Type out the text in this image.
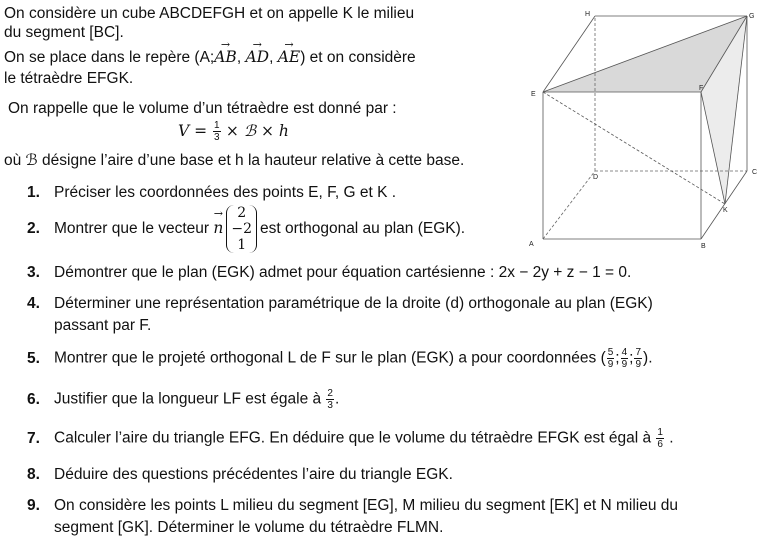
On considère un cube ABCDEFGH et on appelle K le milieu
du segment [BC].
On se place dans le repère (A;→ AB, → AD, → AE) et on considère
le tétraèdre EFGK.
On rappelle que le volume d’un tétraèdre est donné par :
$V = \frac{1}{3}$ × ℬ × h
où ℬ désigne l’aire d’une base et h la hauteur relative à cette base.
A	B
C
D
E
F
G
H
K
1. Préciser les coordonnées des points E, F, G et K .
2. Montrer que le vecteur → n
2
−2
1
est orthogonal au plan (EGK).
3. Démontrer que le plan (EGK) admet pour équation cartésienne : 2x − 2y + z − 1 = 0.
4. Déterminer une représentation paramétrique de la droite (d) orthogonale au plan (EGK)
passant par F.
5. Montrer que le projeté orthogonal L de F sur le plan (EGK) a pour coordonnées ( $\frac{5}{9}$ ; $\frac{4}{9}$ ; $\frac{7}{9}$ ).
6. Justifier que la longueur LF est égale à $\frac{2}{3}$ .
7. Calculer l’aire du triangle EFG. En déduire que le volume du tétraèdre EFGK est égal à $\frac{1}{6}$ .
8. Déduire des questions précédentes l’aire du triangle EGK.
9. On considère les points L milieu du segment [EG], M milieu du segment [EK] et N milieu du
segment [GK]. Déterminer le volume du tétraèdre FLMN.
